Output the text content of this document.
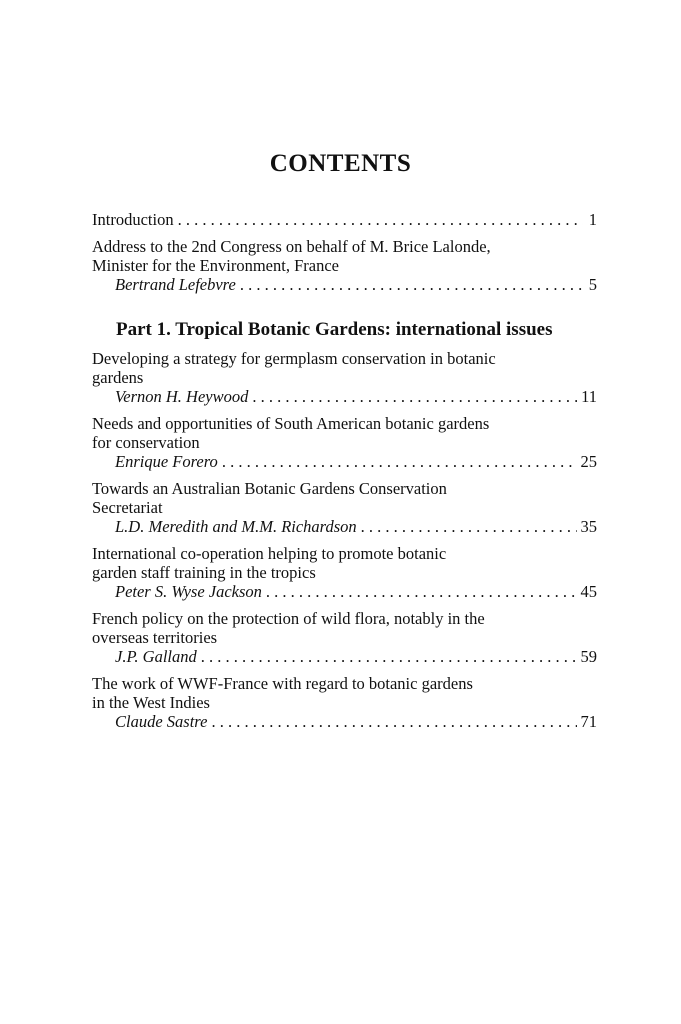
CONTENTS
Introduction . . .	1
Address to the 2nd Congress on behalf of M. Brice Lalonde,
Minister for the Environment, France
Bertrand Lefebvre . . .	5
Part 1. Tropical Botanic Gardens: international issues
Developing a strategy for germplasm conservation in botanic
gardens
Vernon H. Heywood . . .	11
Needs and opportunities of South American botanic gardens
for conservation
Enrique Forero . . .	25
Towards an Australian Botanic Gardens Conservation
Secretariat
L.D. Meredith and M.M. Richardson . . .	35
International co-operation helping to promote botanic
garden staff training in the tropics
Peter S. Wyse Jackson . . .	45
French policy on the protection of wild flora, notably in the
overseas territories
J.P. Galland . . .	59
The work of WWF-France with regard to botanic gardens
in the West Indies
Claude Sastre . . .	71
